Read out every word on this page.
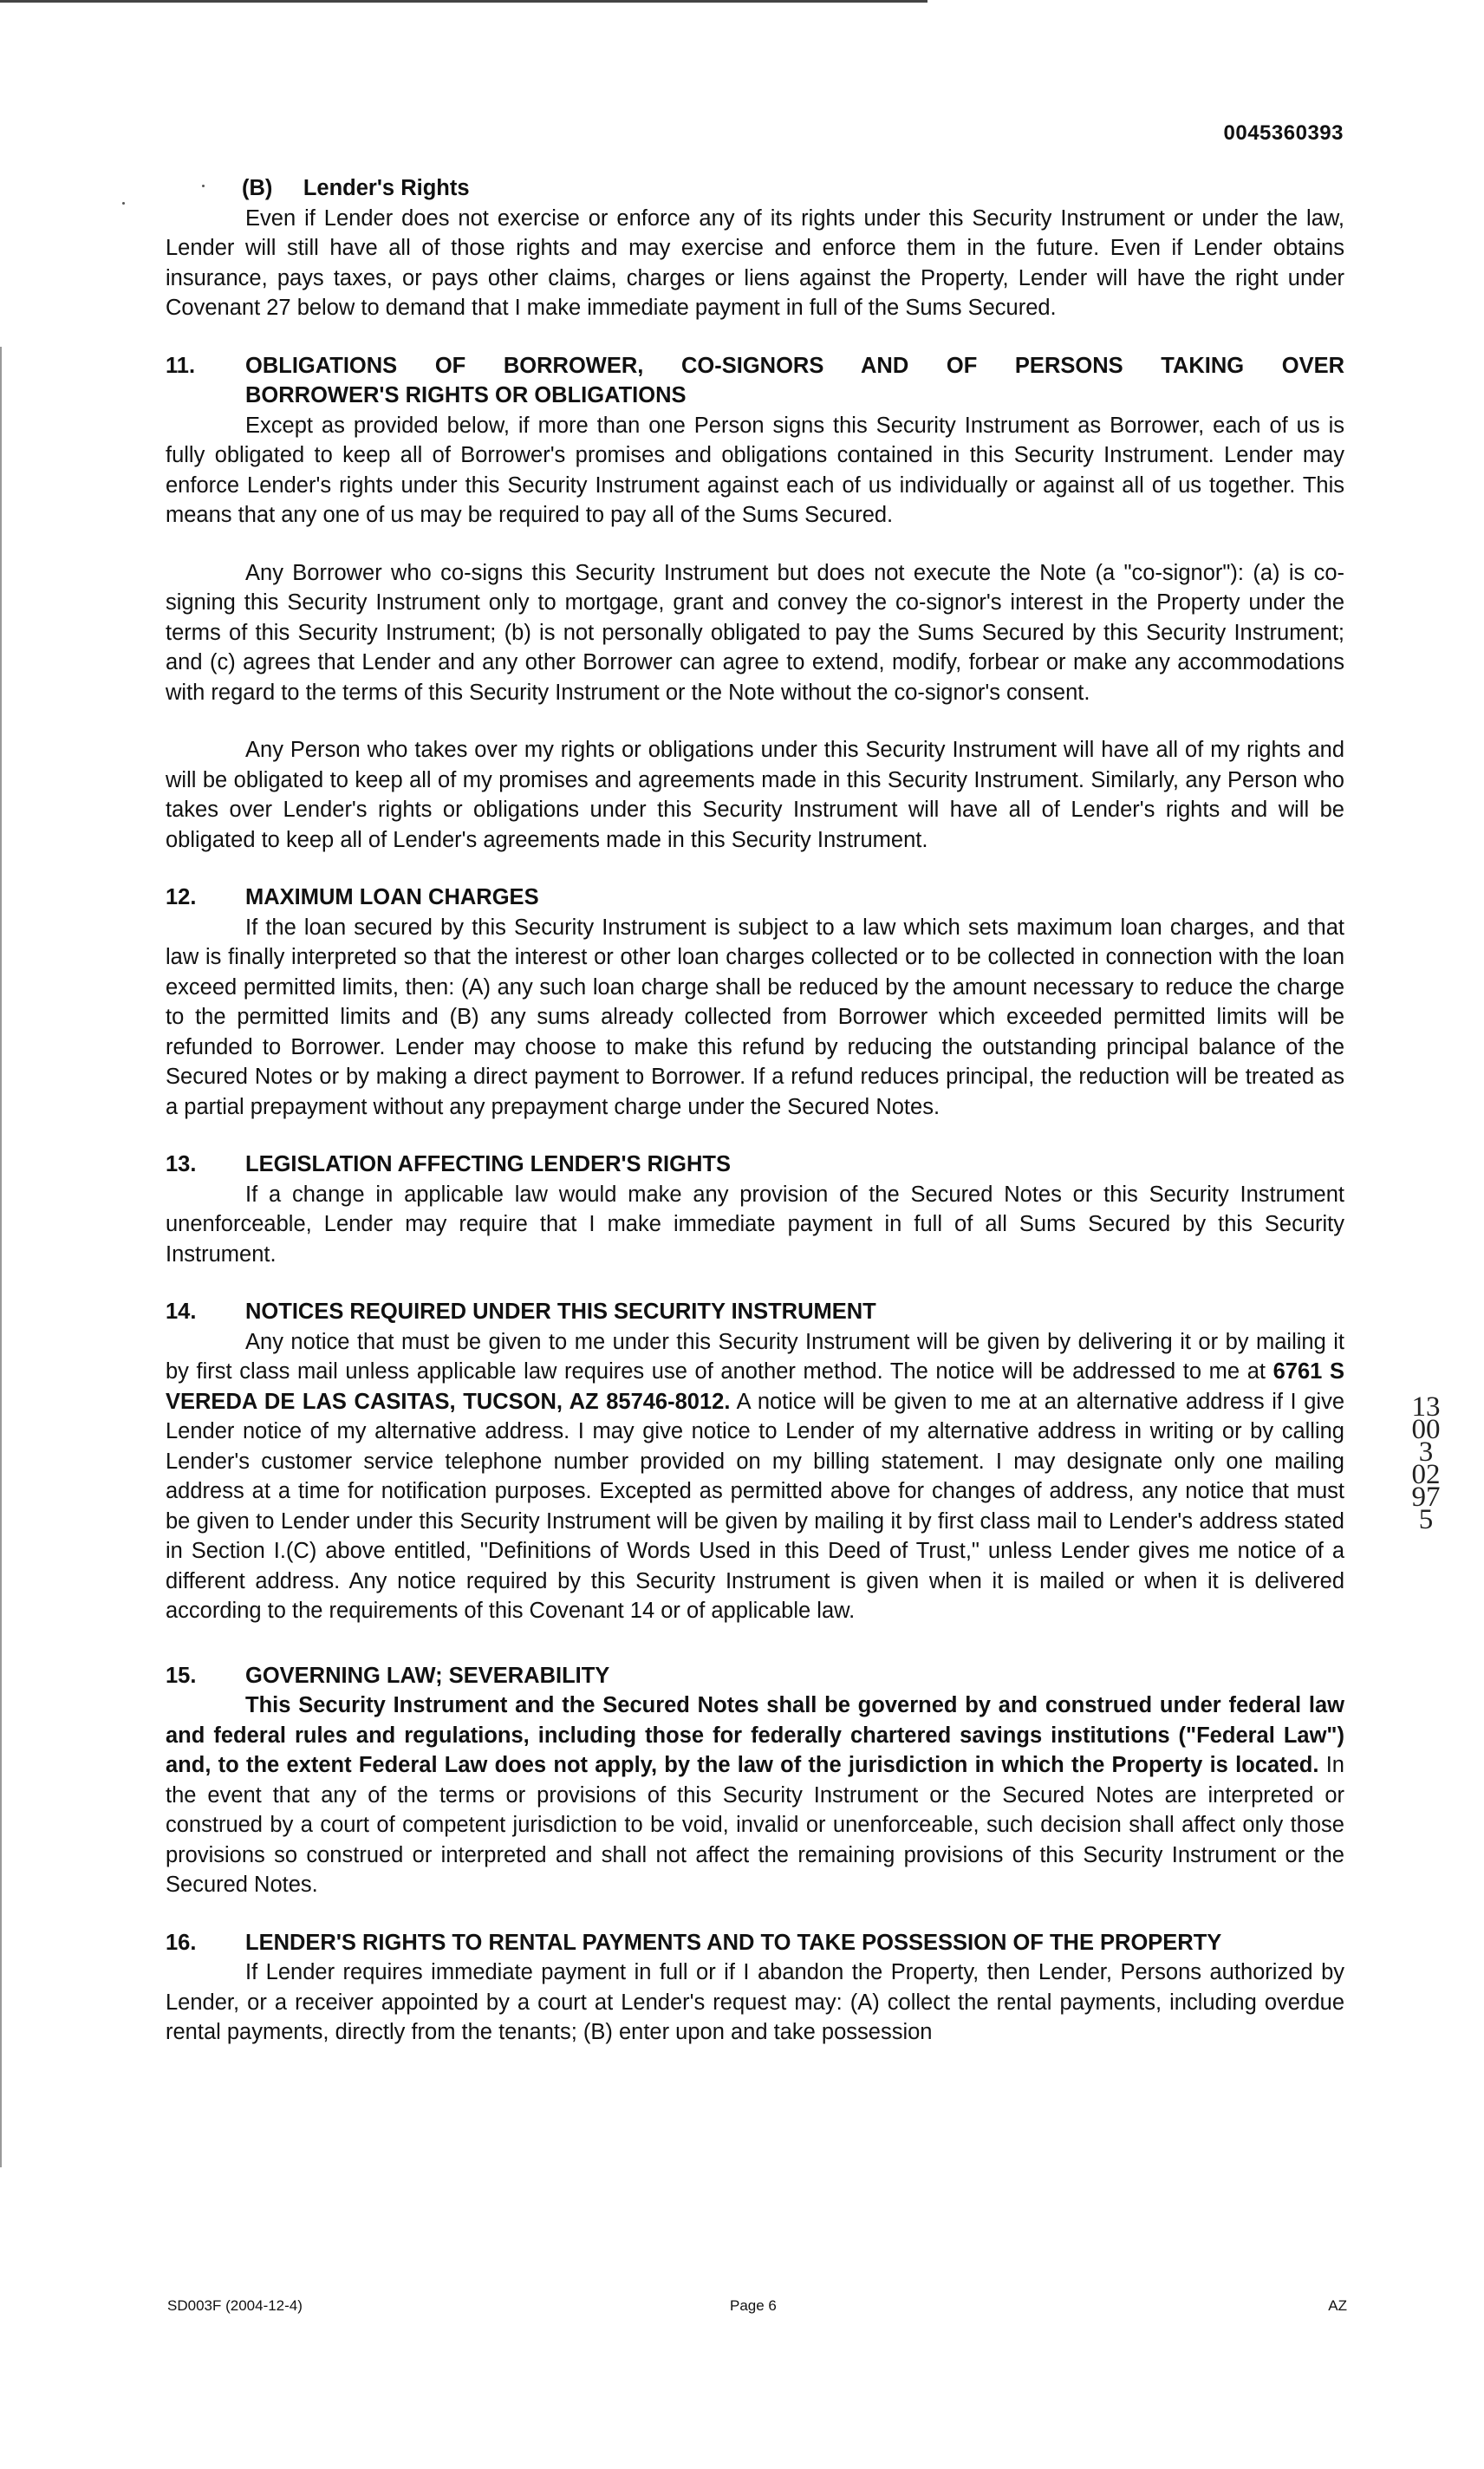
0045360393
(B) Lender's Rights

Even if Lender does not exercise or enforce any of its rights under this Security Instrument or under the law, Lender will still have all of those rights and may exercise and enforce them in the future. Even if Lender obtains insurance, pays taxes, or pays other claims, charges or liens against the Property, Lender will have the right under Covenant 27 below to demand that I make immediate payment in full of the Sums Secured.

11.	OBLIGATIONS OF BORROWER, CO-SIGNORS AND OF PERSONS TAKING OVER
BORROWER'S RIGHTS OR OBLIGATIONS

Except as provided below, if more than one Person signs this Security Instrument as Borrower, each of us is fully obligated to keep all of Borrower's promises and obligations contained in this Security Instrument. Lender may enforce Lender's rights under this Security Instrument against each of us individually or against all of us together. This means that any one of us may be required to pay all of the Sums Secured.

Any Borrower who co-signs this Security Instrument but does not execute the Note (a "co-signor"): (a) is co-signing this Security Instrument only to mortgage, grant and convey the co-signor's interest in the Property under the terms of this Security Instrument; (b) is not personally obligated to pay the Sums Secured by this Security Instrument; and (c) agrees that Lender and any other Borrower can agree to extend, modify, forbear or make any accommodations with regard to the terms of this Security Instrument or the Note without the co-signor's consent.

Any Person who takes over my rights or obligations under this Security Instrument will have all of my rights and will be obligated to keep all of my promises and agreements made in this Security Instrument. Similarly, any Person who takes over Lender's rights or obligations under this Security Instrument will have all of Lender's rights and will be obligated to keep all of Lender's agreements made in this Security Instrument.

12.	MAXIMUM LOAN CHARGES

If the loan secured by this Security Instrument is subject to a law which sets maximum loan charges, and that law is finally interpreted so that the interest or other loan charges collected or to be collected in connection with the loan exceed permitted limits, then: (A) any such loan charge shall be reduced by the amount necessary to reduce the charge to the permitted limits and (B) any sums already collected from Borrower which exceeded permitted limits will be refunded to Borrower. Lender may choose to make this refund by reducing the outstanding principal balance of the Secured Notes or by making a direct payment to Borrower. If a refund reduces principal, the reduction will be treated as a partial prepayment without any prepayment charge under the Secured Notes.

13.	LEGISLATION AFFECTING LENDER'S RIGHTS

If a change in applicable law would make any provision of the Secured Notes or this Security Instrument unenforceable, Lender may require that I make immediate payment in full of all Sums Secured by this Security Instrument.

14.	NOTICES REQUIRED UNDER THIS SECURITY INSTRUMENT

Any notice that must be given to me under this Security Instrument will be given by delivering it or by mailing it by first class mail unless applicable law requires use of another method. The notice will be addressed to me at 6761 S VEREDA DE LAS CASITAS, TUCSON, AZ 85746-8012. A notice will be given to me at an alternative address if I give Lender notice of my alternative address. I may give notice to Lender of my alternative address in writing or by calling Lender's customer service telephone number provided on my billing statement. I may designate only one mailing address at a time for notification purposes. Excepted as permitted above for changes of address, any notice that must be given to Lender under this Security Instrument will be given by mailing it by first class mail to Lender's address stated in Section I.(C) above entitled, "Definitions of Words Used in this Deed of Trust," unless Lender gives me notice of a different address. Any notice required by this Security Instrument is given when it is mailed or when it is delivered according to the requirements of this Covenant 14 or of applicable law.

15.	GOVERNING LAW; SEVERABILITY

This Security Instrument and the Secured Notes shall be governed by and construed under federal law and federal rules and regulations, including those for federally chartered savings institutions ("Federal Law") and, to the extent Federal Law does not apply, by the law of the jurisdiction in which the Property is located. In the event that any of the terms or provisions of this Security Instrument or the Secured Notes are interpreted or construed by a court of competent jurisdiction to be void, invalid or unenforceable, such decision shall affect only those provisions so construed or interpreted and shall not affect the remaining provisions of this Security Instrument or the Secured Notes.

16.	LENDER'S RIGHTS TO RENTAL PAYMENTS AND TO TAKE POSSESSION OF THE PROPERTY

If Lender requires immediate payment in full or if I abandon the Property, then Lender, Persons authorized by Lender, or a receiver appointed by a court at Lender's request may: (A) collect the rental payments, including overdue rental payments, directly from the tenants; (B) enter upon and take possession

13003 02975
SD003F (2004-12-4)	Page 6	AZ
